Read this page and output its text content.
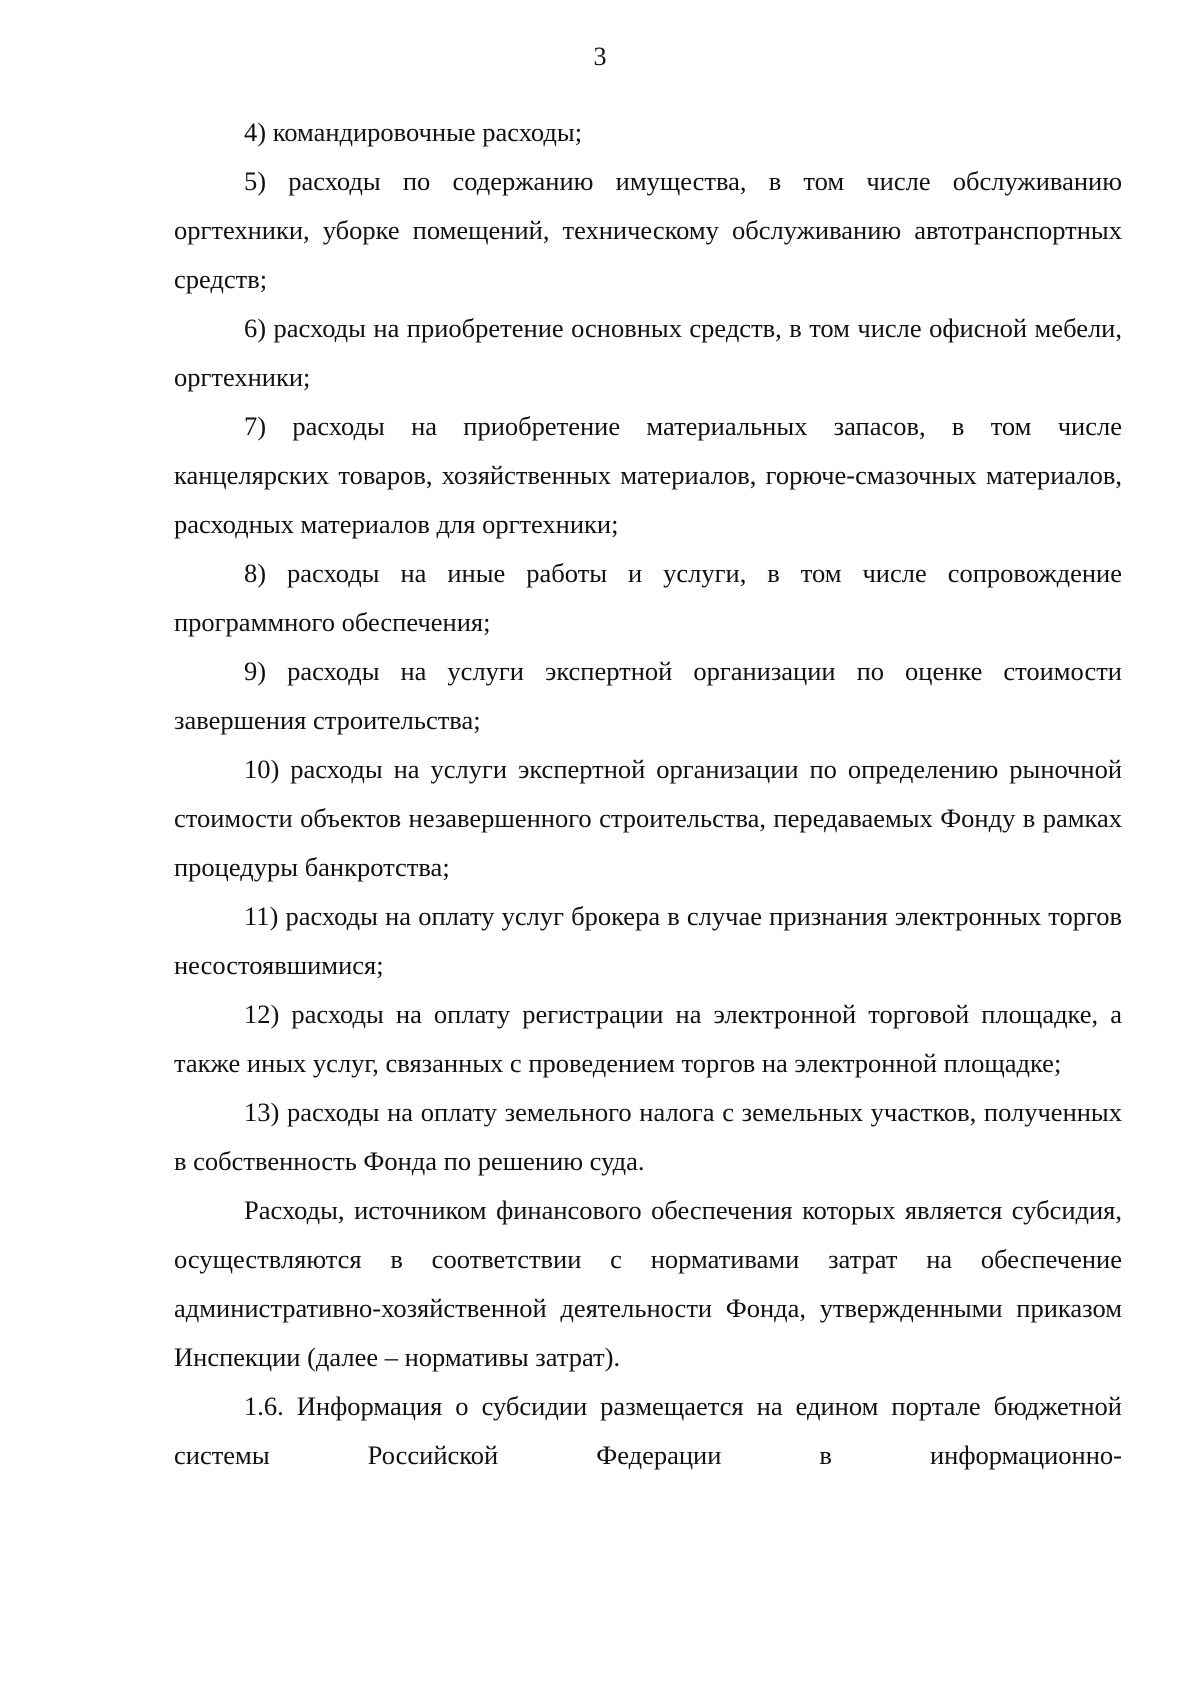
3

4) командировочные расходы;

5) расходы по содержанию имущества, в том числе обслуживанию оргтехники, уборке помещений, техническому обслуживанию автотранспортных средств;

6) расходы на приобретение основных средств, в том числе офисной мебели, оргтехники;

7) расходы на приобретение материальных запасов, в том числе канцелярских товаров, хозяйственных материалов, горюче-смазочных материалов, расходных материалов для оргтехники;

8) расходы на иные работы и услуги, в том числе сопровождение программного обеспечения;

9) расходы на услуги экспертной организации по оценке стоимости завершения строительства;

10) расходы на услуги экспертной организации по определению рыночной стоимости объектов незавершенного строительства, передаваемых Фонду в рамках процедуры банкротства;

11) расходы на оплату услуг брокера в случае признания электронных торгов несостоявшимися;

12) расходы на оплату регистрации на электронной торговой площадке, а также иных услуг, связанных с проведением торгов на электронной площадке;

13) расходы на оплату земельного налога с земельных участков, полученных в собственность Фонда по решению суда.

Расходы, источником финансового обеспечения которых является субсидия, осуществляются в соответствии с нормативами затрат на обеспечение административно-хозяйственной деятельности Фонда, утвержденными приказом Инспекции (далее – нормативы затрат).

1.6. Информация о субсидии размещается на едином портале бюджетной системы Российской Федерации в информационно-
